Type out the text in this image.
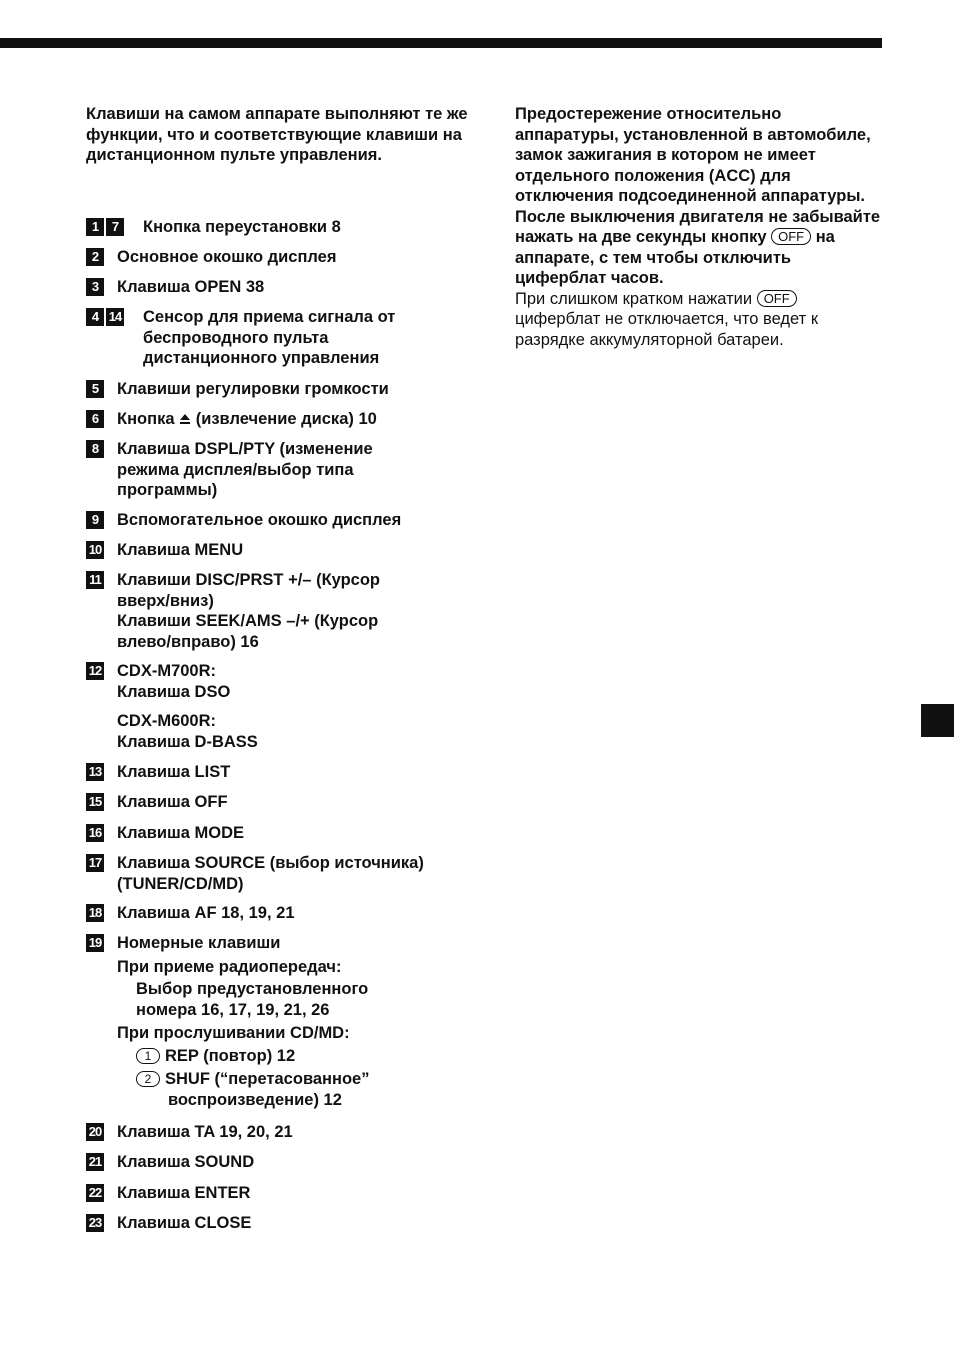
Клавиши на самом аппарате выполняют те же функции, что и соответствующие клавиши на дистанционном пульте управления.

1	7	Кнопка переустановки 8
2	Основное окошко дисплея
3	Клавиша OPEN 38
4 14 Сенсор для приема сигнала от
беспроводного пульта
дистанционного управления
5	Клавиши регулировки громкости
6	Кнопка (извлечение диска) 10
8	Клавиша DSPL/PTY (изменение
режима дисплея/выбор типа
программы)
9	Вспомогательное окошко дисплея
10 Клавиша MENU
11 Клавиши DISC/PRST +/– (Курсор
вверх/вниз)
Клавиши SEEK/AMS –/+ (Курсор
влево/вправо) 16
12 CDX-M700R:
Клавиша DSO
CDX-M600R:
Клавиша D-BASS
13 Клавиша LIST
15 Клавиша OFF
16 Клавиша MODE
17 Клавиша SOURCE (выбор источника)
(TUNER/CD/MD)
18 Клавиша AF 18, 19, 21
19 Номерные клавиши
При приеме радиопередач:
Выбор предустановленного
номера 16, 17, 19, 21, 26
При прослушивании CD/MD:
1 REP (повтор) 12
2 SHUF (“перетасованное”
воспроизведение) 12
20 Клавиша TA 19, 20, 21
21 Клавиша SOUND
22 Клавиша ENTER
23 Клавиша CLOSE

Предостережение относительно аппаратуры, установленной в автомобиле, замок зажигания в котором не имеет отдельного положения (ACC) для отключения подсоединенной аппаратуры.
После выключения двигателя не забывайте нажать на две секунды кнопку OFF на аппарате, с тем чтобы отключить циферблат часов.
При слишком кратком нажатии OFF циферблат не отключается, что ведет к разрядке аккумуляторной батареи.
